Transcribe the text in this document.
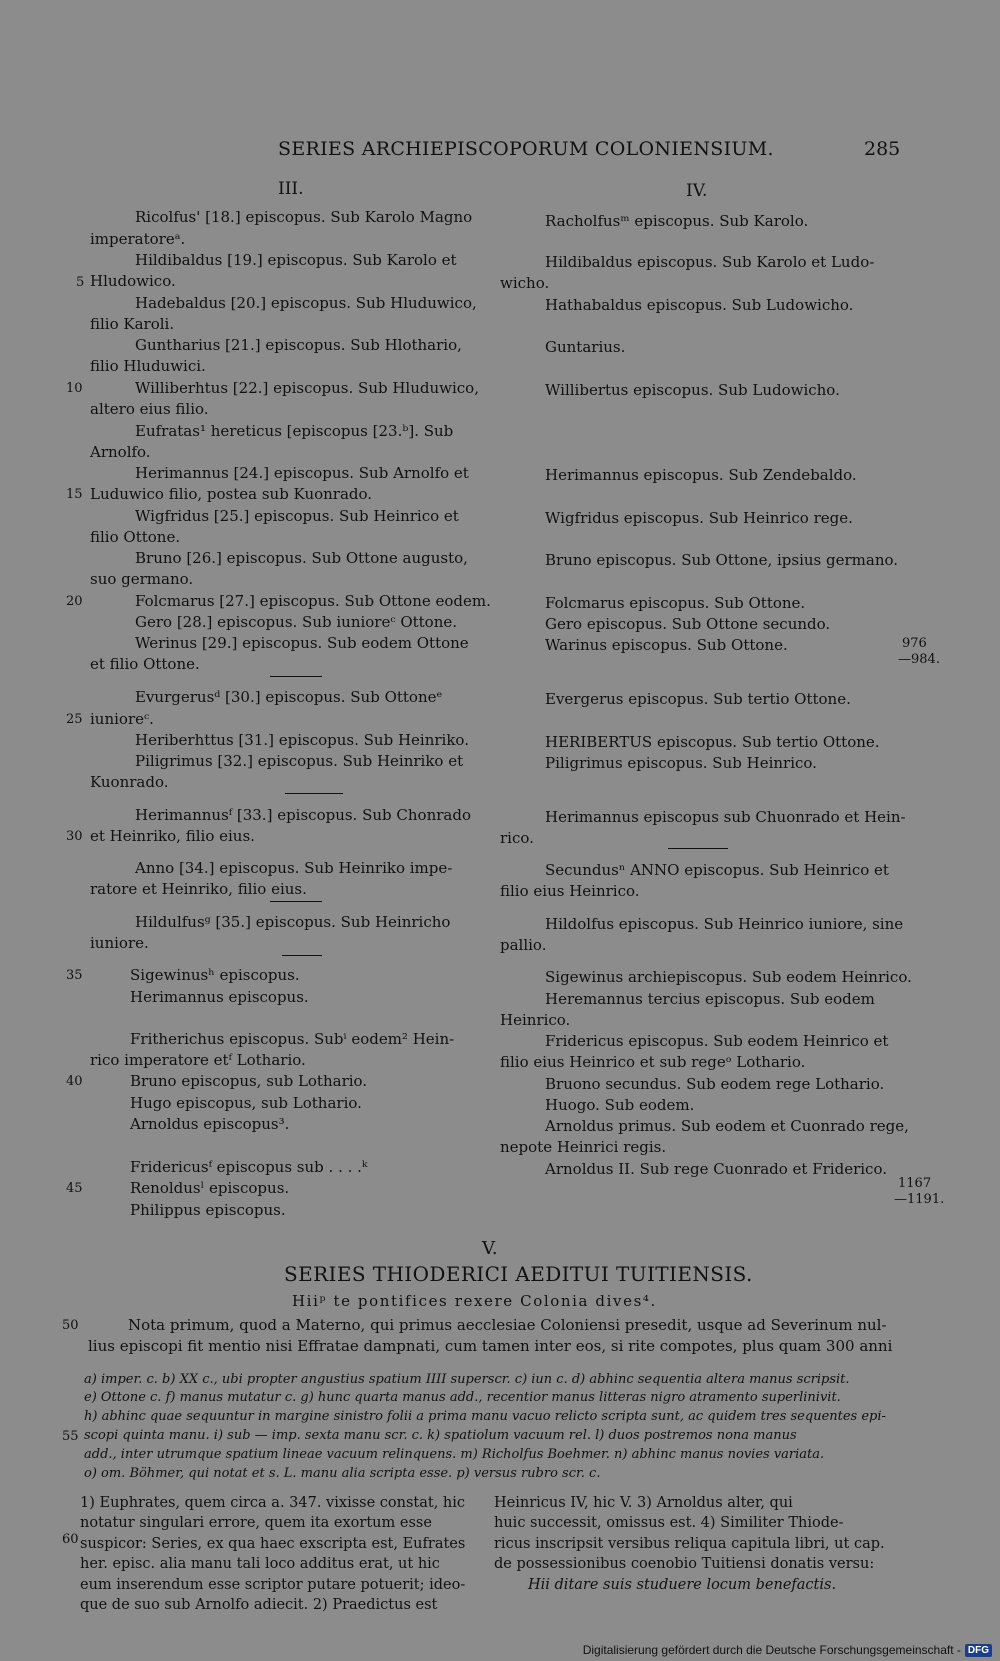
SERIES ARCHIEPISCOPORUM COLONIENSIUM.	285
III.	IV.
Ricolfus' [18.] episcopus. Sub Karolo Magno
imperatoreᵃ.
Hildibaldus [19.] episcopus. Sub Karolo et
Hludowico.
Hadebaldus [20.] episcopus. Sub Hluduwico,
filio Karoli.
Guntharius [21.] episcopus. Sub Hlothario,
filio Hluduwici.
Williberhtus [22.] episcopus. Sub Hluduwico,
altero eius filio.
Eufratas¹ hereticus [episcopus [23.ᵇ]. Sub
Arnolfo.
Herimannus [24.] episcopus. Sub Arnolfo et
Luduwico filio, postea sub Kuonrado.
Wigfridus [25.] episcopus. Sub Heinrico et
filio Ottone.
Bruno [26.] episcopus. Sub Ottone augusto,
suo germano.
Folcmarus [27.] episcopus. Sub Ottone eodem.
Gero [28.] episcopus. Sub iunioreᶜ Ottone.
Werinus [29.] episcopus. Sub eodem Ottone
et filio Ottone.
Evurgerusᵈ [30.] episcopus. Sub Ottoneᵉ
iunioreᶜ.
Heriberhttus [31.] episcopus. Sub Heinriko.
Piligrimus [32.] episcopus. Sub Heinriko et
Kuonrado.
Herimannusᶠ [33.] episcopus. Sub Chonrado
et Heinriko, filio eius.
Anno [34.] episcopus. Sub Heinriko impe-
ratore et Heinriko, filio eius.
Hildulfusᵍ [35.] episcopus. Sub Heinricho
iuniore.
Sigewinusʰ episcopus.
Herimannus episcopus.
Fritherichus episcopus. Subⁱ eodem² Hein-
rico imperatore etᶠ Lothario.
Bruno episcopus, sub Lothario.
Hugo episcopus, sub Lothario.
Arnoldus episcopus³.
Fridericusᶠ episcopus sub . . . .ᵏ
Renoldusˡ episcopus.
Philippus episcopus.
Racholfusᵐ episcopus. Sub Karolo.
Hildibaldus episcopus. Sub Karolo et Ludo-
wicho.
Hathabaldus episcopus. Sub Ludowicho.
Guntarius.
Willibertus episcopus. Sub Ludowicho.
Herimannus episcopus. Sub Zendebaldo.
Wigfridus episcopus. Sub Heinrico rege.
Bruno episcopus. Sub Ottone, ipsius germano.
Folcmarus episcopus. Sub Ottone.
Gero episcopus. Sub Ottone secundo.
Warinus episcopus. Sub Ottone.
Evergerus episcopus. Sub tertio Ottone.
HERIBERTUS episcopus. Sub tertio Ottone.
Piligrimus episcopus. Sub Heinrico.
Herimannus episcopus sub Chuonrado et Hein-
rico.
Secundusⁿ ANNO episcopus. Sub Heinrico et
filio eius Heinrico.
Hildolfus episcopus. Sub Heinrico iuniore, sine
pallio.
Sigewinus archiepiscopus. Sub eodem Heinrico.
Heremannus tercius episcopus. Sub eodem
Heinrico.
Fridericus episcopus. Sub eodem Heinrico et
filio eius Heinrico et sub regeᵒ Lothario.
Bruono secundus. Sub eodem rege Lothario.
Huogo. Sub eodem.
Arnoldus primus. Sub eodem et Cuonrado rege,
nepote Heinrici regis.
Arnoldus II. Sub rege Cuonrado et Friderico.
5
10
15
20
25
30
35
40
45
50
55
60
976
—984.
1167
—1191.
V.
SERIES THIODERICI AEDITUI TUITIENSIS.
Hiiᵖ te pontifices rexere Colonia dives⁴.
Nota primum, quod a Materno, qui primus aecclesiae Coloniensi presedit, usque ad Severinum nul-
lius episcopi fit mentio nisi Effratae dampnati, cum tamen inter eos, si rite compotes, plus quam 300 anni
a) imper. c. b) XX c., ubi propter angustius spatium IIII superscr. c) iun c. d) abhinc sequentia altera manus scripsit.
e) Ottone c. f) manus mutatur c. g) hunc quarta manus add., recentior manus litteras nigro atramento superlinivit.
h) abhinc quae sequuntur in margine sinistro folii a prima manu vacuo relicto scripta sunt, ac quidem tres sequentes epi-
scopi quinta manu. i) sub — imp. sexta manu scr. c. k) spatiolum vacuum rel. l) duos postremos nona manus
add., inter utrumque spatium lineae vacuum relinquens. m) Richolfus Boehmer. n) abhinc manus novies variata.
o) om. Böhmer, qui notat et s. L. manu alia scripta esse. p) versus rubro scr. c.
1) Euphrates, quem circa a. 347. vixisse constat, hic
notatur singulari errore, quem ita exortum esse
suspicor: Series, ex qua haec exscripta est, Eufrates
her. episc. alia manu tali loco additus erat, ut hic
eum inserendum esse scriptor putare potuerit; ideo-
que de suo sub Arnolfo adiecit. 2) Praedictus est
Heinricus IV, hic V. 3) Arnoldus alter, qui
huic successit, omissus est. 4) Similiter Thiode-
ricus inscripsit versibus reliqua capitula libri, ut cap.
de possessionibus coenobio Tuitiensi donatis versu:
Hii ditare suis studuere locum benefactis.
Digitalisierung gefördert durch die Deutsche Forschungsgemeinschaft - DFG
